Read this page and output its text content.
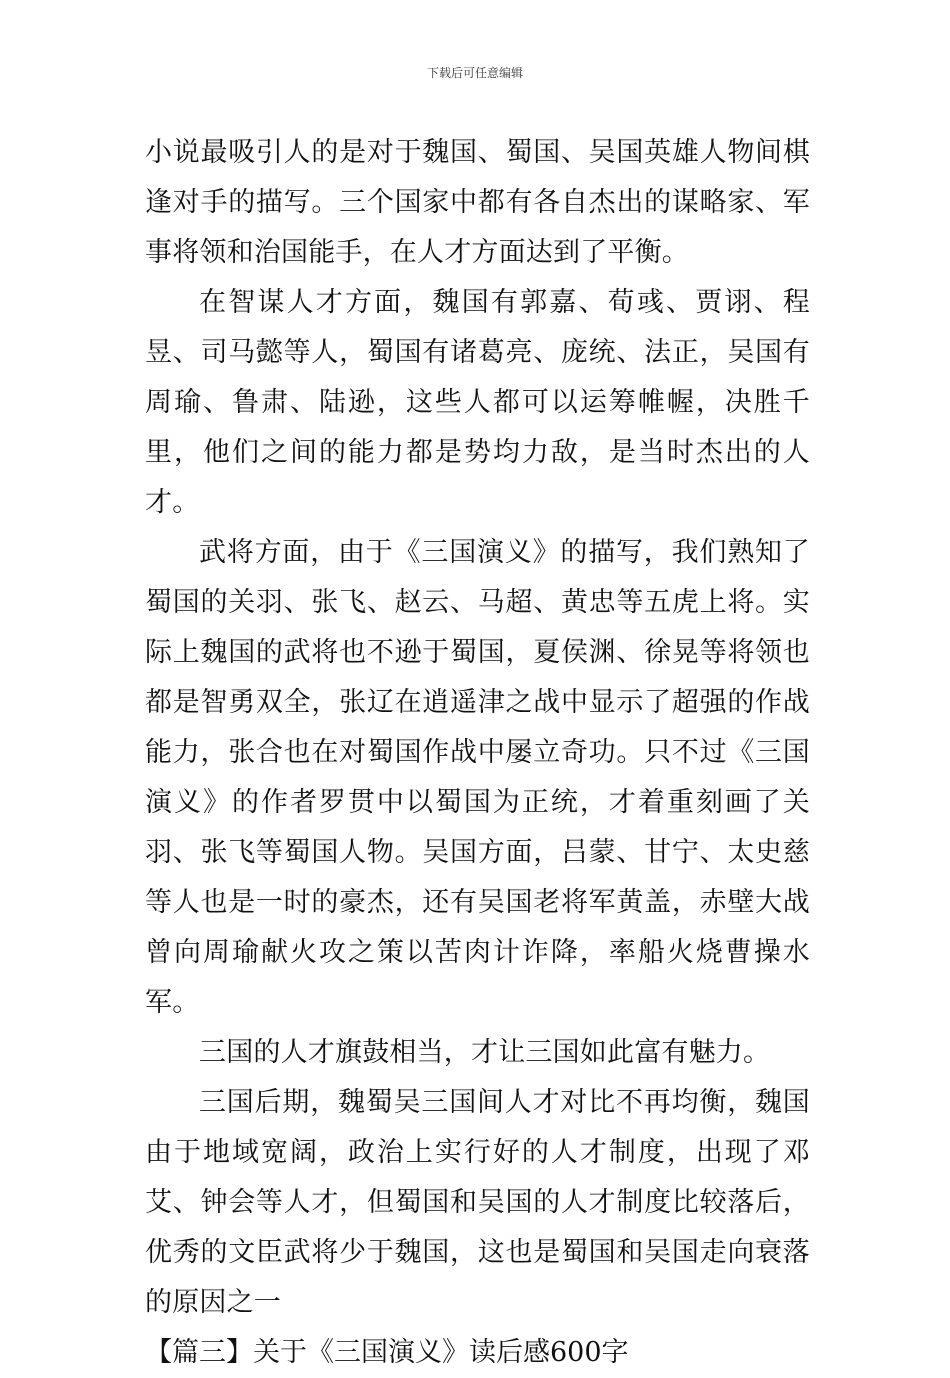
下载后可任意编辑

小说最吸引人的是对于魏国、蜀国、吴国英雄人物间棋逢对手的描写。三个国家中都有各自杰出的谋略家、军事将领和治国能手，在人才方面达到了平衡。

在智谋人才方面，魏国有郭嘉、荀彧、贾诩、程昱、司马懿等人，蜀国有诸葛亮、庞统、法正，吴国有周瑜、鲁肃、陆逊，这些人都可以运筹帷幄，决胜千里，他们之间的能力都是势均力敌，是当时杰出的人才。

武将方面，由于《三国演义》的描写，我们熟知了蜀国的关羽、张飞、赵云、马超、黄忠等五虎上将。实际上魏国的武将也不逊于蜀国，夏侯渊、徐晃等将领也都是智勇双全，张辽在逍遥津之战中显示了超强的作战能力，张合也在对蜀国作战中屡立奇功。只不过《三国演义》的作者罗贯中以蜀国为正统，才着重刻画了关羽、张飞等蜀国人物。吴国方面，吕蒙、甘宁、太史慈等人也是一时的豪杰，还有吴国老将军黄盖，赤壁大战曾向周瑜献火攻之策以苦肉计诈降，率船火烧曹操水军。

三国的人才旗鼓相当，才让三国如此富有魅力。

三国后期，魏蜀吴三国间人才对比不再均衡，魏国由于地域宽阔，政治上实行好的人才制度，出现了邓艾、钟会等人才，但蜀国和吴国的人才制度比较落后，优秀的文臣武将少于魏国，这也是蜀国和吴国走向衰落的原因之一

【篇三】关于《三国演义》读后感600字
